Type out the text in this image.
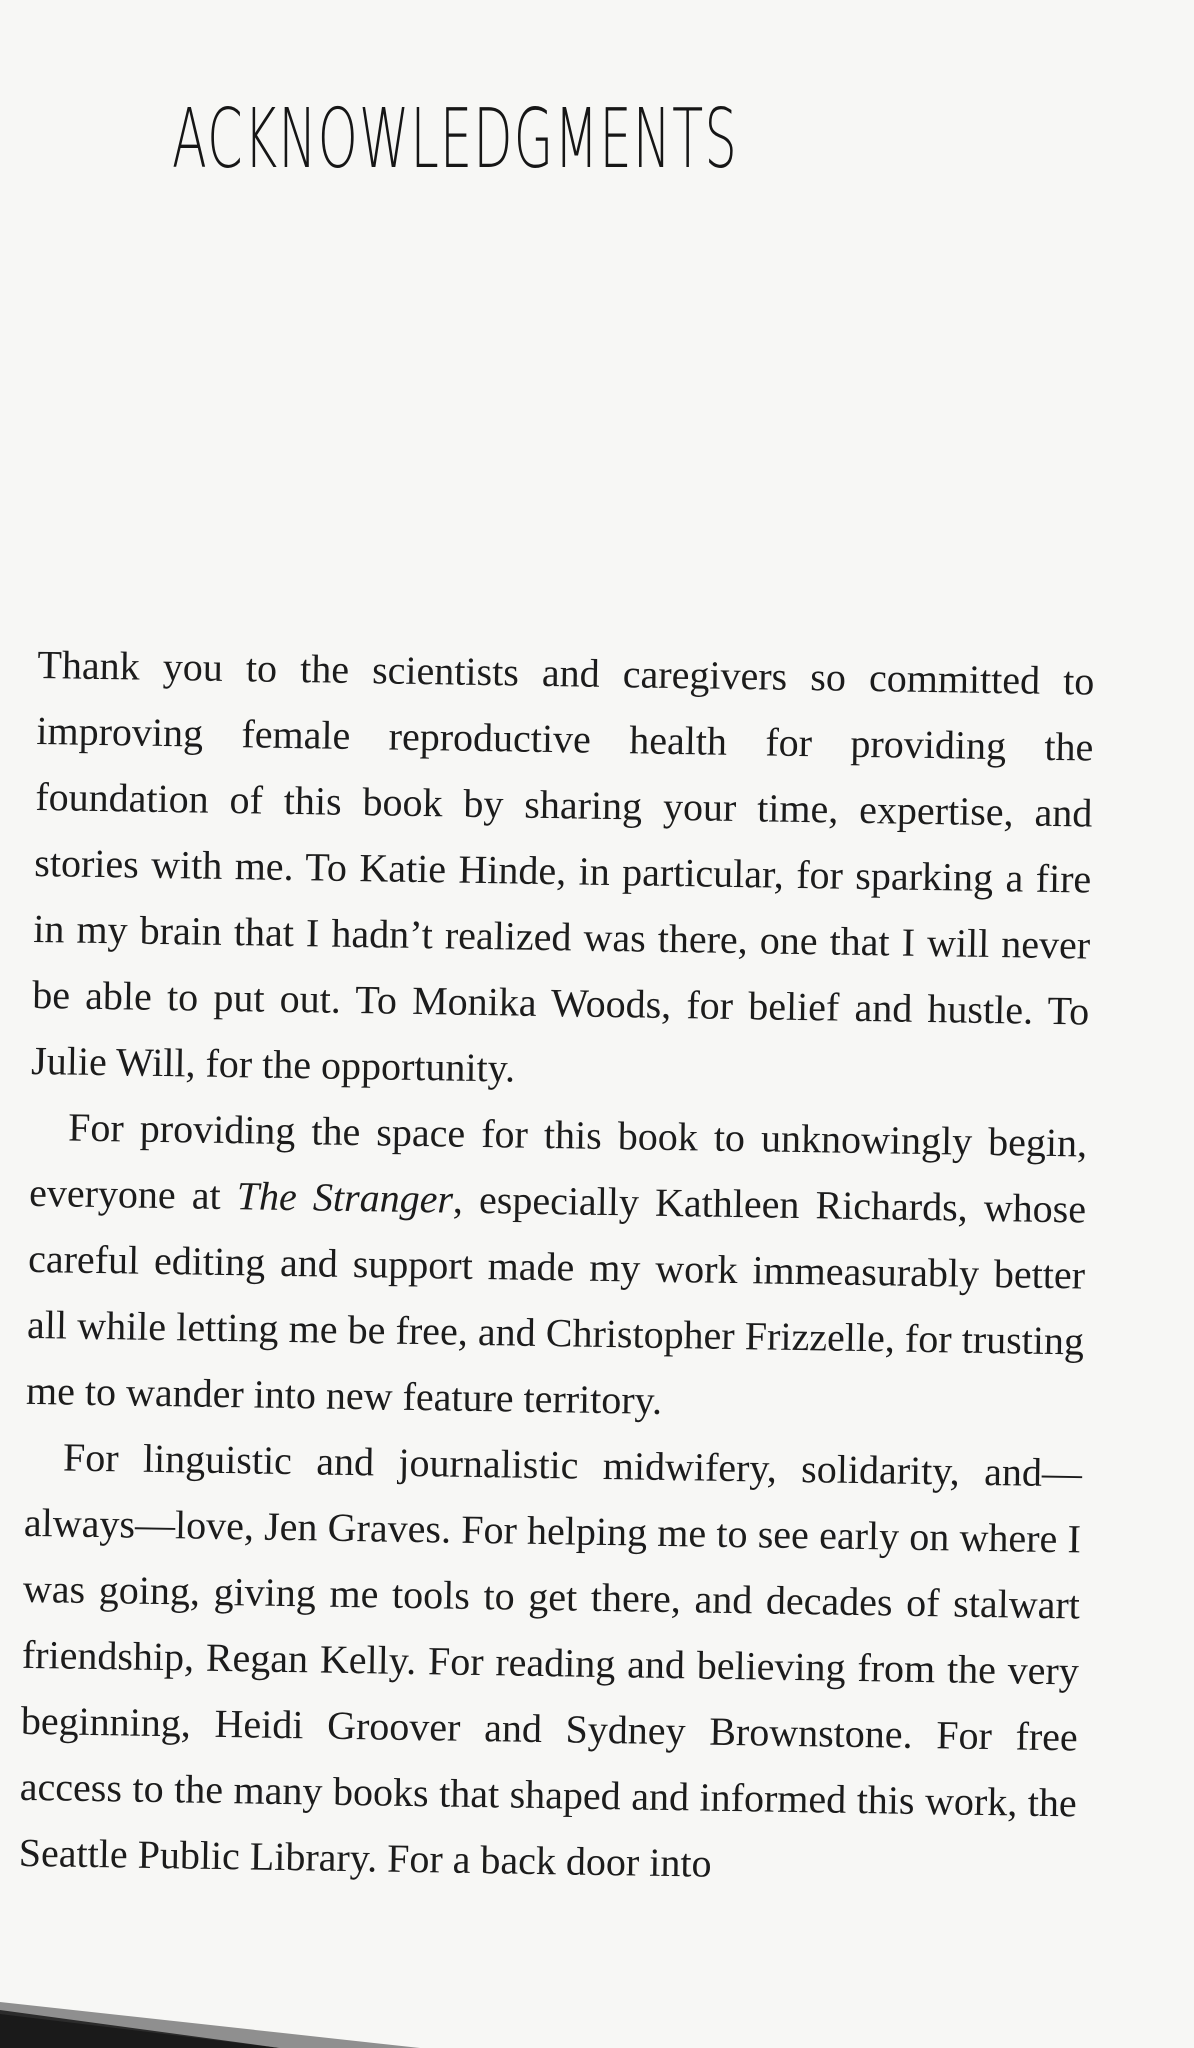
ACKNOWLEDGMENTS

Thank you to the scientists and caregivers so committed to improving female reproductive health for providing the foundation of this book by sharing your time, expertise, and stories with me. To Katie Hinde, in particular, for sparking a fire in my brain that I hadn’t realized was there, one that I will never be able to put out. To Monika Woods, for belief and hustle. To Julie Will, for the opportunity.

For providing the space for this book to unknowingly begin, everyone at The Stranger, especially Kathleen Richards, whose careful editing and support made my work immeasurably better all while letting me be free, and Christopher Frizzelle, for trusting me to wander into new feature territory.

For linguistic and journalistic midwifery, solidarity, and—always—love, Jen Graves. For helping me to see early on where I was going, giving me tools to get there, and decades of stalwart friendship, Regan Kelly. For reading and believing from the very beginning, Heidi Groover and Sydney Brownstone. For free access to the many books that shaped and informed this work, the Seattle Public Library. For a back door into
